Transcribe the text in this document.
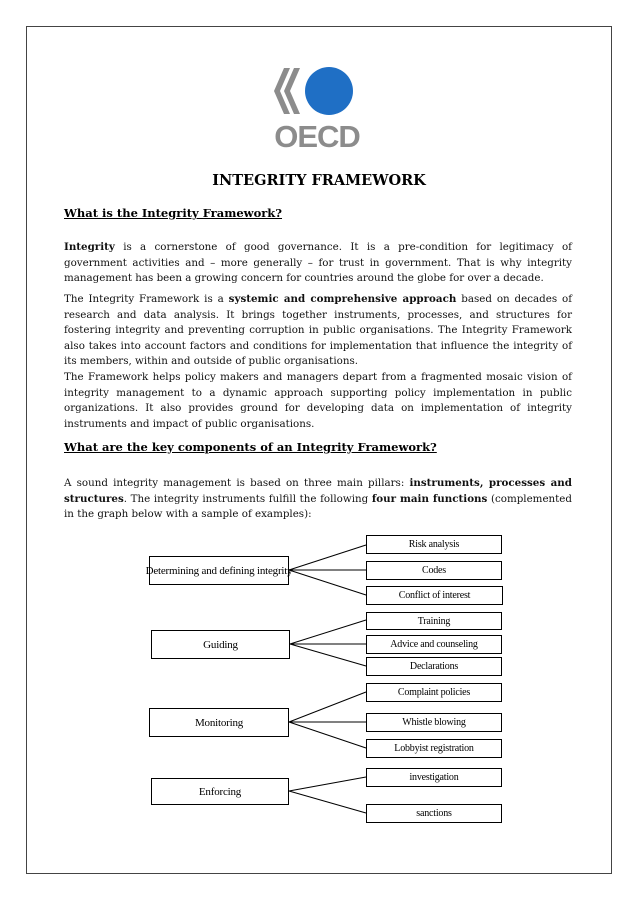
OECD
INTEGRITY FRAMEWORK
What is the Integrity Framework?

Integrity is a cornerstone of good governance. It is a pre-condition for legitimacy of government activities and – more generally – for trust in government. That is why integrity management has been a growing concern for countries around the globe for over a decade.

The Integrity Framework is a systemic and comprehensive approach based on decades of research and data analysis. It brings together instruments, processes, and structures for fostering integrity and preventing corruption in public organisations. The Integrity Framework also takes into account factors and conditions for implementation that influence the integrity of its members, within and outside of public organisations.

The Framework helps policy makers and managers depart from a fragmented mosaic vision of integrity management to a dynamic approach supporting policy implementation in public organizations. It also provides ground for developing data on implementation of integrity instruments and impact of public organisations.

What are the key components of an Integrity Framework?

A sound integrity management is based on three main pillars: instruments, processes and structures. The integrity instruments fulfill the following four main functions (complemented in the graph below with a sample of examples):

Determining and defining integrity
Guiding
Monitoring
Enforcing
Risk analysis
Codes
Conflict of interest
Training
Advice and counseling
Declarations
Complaint policies
Whistle blowing
Lobbyist registration
investigation
sanctions
